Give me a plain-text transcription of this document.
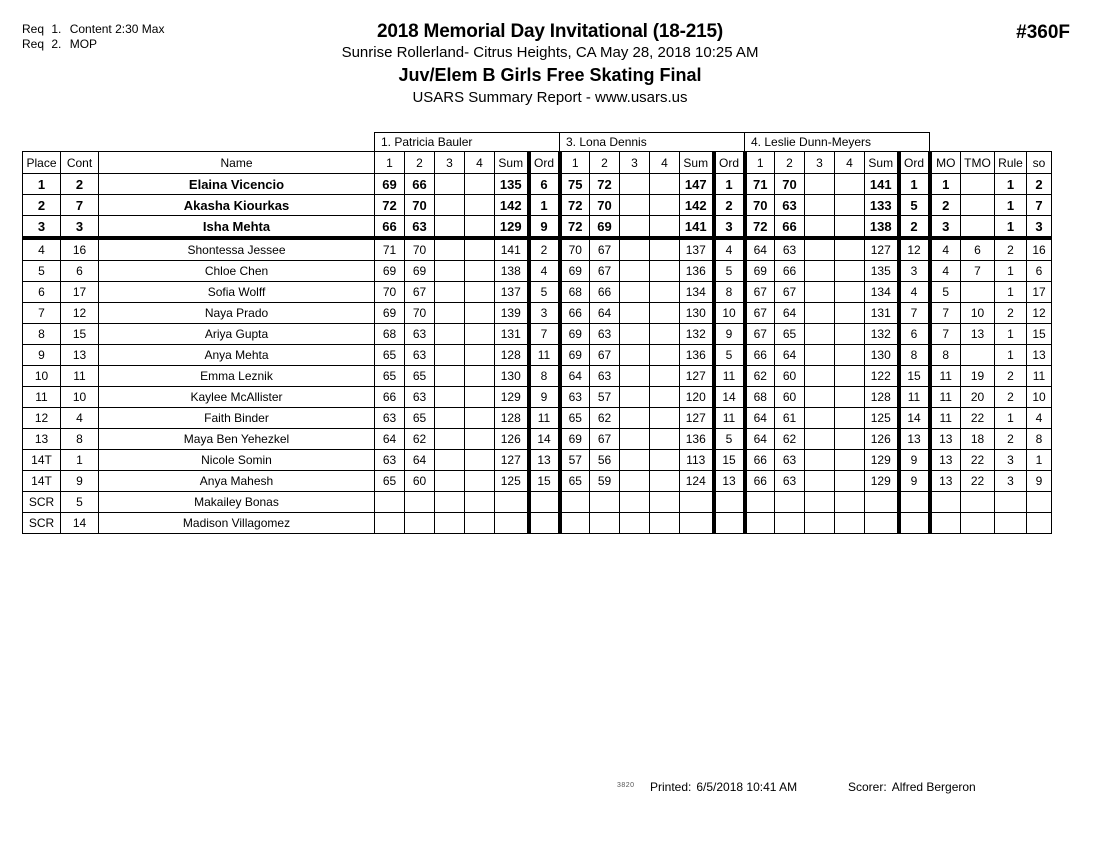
Req 1. Content 2:30 Max
Req 2. MOP
2018 Memorial Day Invitational (18-215)
Sunrise Rollerland- Citrus Heights, CA May 28, 2018 10:25 AM
Juv/Elem B Girls Free Skating Final
USARS Summary Report - www.usars.us
#360F
			1. Patricia Bauler						3. Lona Dennis						4. Leslie Dunn-Meyers									
Place	Cont	Name	1	2	3	4	Sum	Ord	1	2	3	4	Sum	Ord	1	2	3	4	Sum	Ord	MO	TMO	Rule	so
1	2	Elaina Vicencio	69	66			135	6	75	72			147	1	71	70			141	1	1		1	2
2	7	Akasha Kiourkas	72	70			142	1	72	70			142	2	70	63			133	5	2		1	7
3	3	Isha Mehta	66	63			129	9	72	69			141	3	72	66			138	2	3		1	3
4	16	Shontessa Jessee	71	70			141	2	70	67			137	4	64	63			127	12	4	6	2	16
5	6	Chloe Chen	69	69			138	4	69	67			136	5	69	66			135	3	4	7	1	6
6	17	Sofia Wolff	70	67			137	5	68	66			134	8	67	67			134	4	5		1	17
7	12	Naya Prado	69	70			139	3	66	64			130	10	67	64			131	7	7	10	2	12
8	15	Ariya Gupta	68	63			131	7	69	63			132	9	67	65			132	6	7	13	1	15
9	13	Anya Mehta	65	63			128	11	69	67			136	5	66	64			130	8	8		1	13
10	11	Emma Leznik	65	65			130	8	64	63			127	11	62	60			122	15	11	19	2	11
11	10	Kaylee McAllister	66	63			129	9	63	57			120	14	68	60			128	11	11	20	2	10
12	4	Faith Binder	63	65			128	11	65	62			127	11	64	61			125	14	11	22	1	4
13	8	Maya Ben Yehezkel	64	62			126	14	69	67			136	5	64	62			126	13	13	18	2	8
14T	1	Nicole Somin	63	64			127	13	57	56			113	15	66	63			129	9	13	22	3	1
14T	9	Anya Mahesh	65	60			125	15	65	59			124	13	66	63			129	9	13	22	3	9
SCR	5	Makailey Bonas																						
SCR	14	Madison Villagomez																						
3820 Printed: 6/5/2018 10:41 AM	Scorer: Alfred Bergeron
